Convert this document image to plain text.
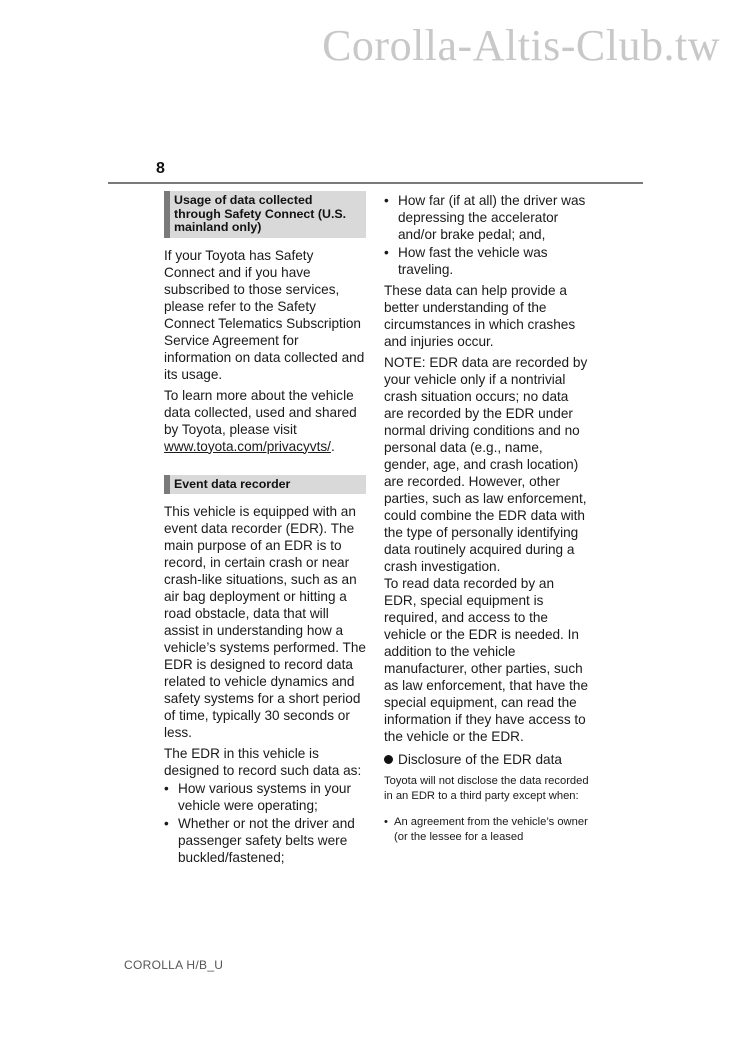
Corolla-Altis-Club.tw
8
Usage of data collected through Safety Connect (U.S. mainland only)

If your Toyota has Safety Connect and if you have subscribed to those services, please refer to the Safety Connect Telematics Subscription Service Agreement for information on data collected and its usage.

To learn more about the vehicle data collected, used and shared by Toyota, please visit www.toyota.com/privacyvts/.

Event data recorder

This vehicle is equipped with an event data recorder (EDR). The main purpose of an EDR is to record, in certain crash or near crash-like situations, such as an air bag deployment or hitting a road obstacle, data that will assist in understanding how a vehicle’s systems performed. The EDR is designed to record data related to vehicle dynamics and safety systems for a short period of time, typically 30 seconds or less.

The EDR in this vehicle is designed to record such data as:

• How various systems in your vehicle were operating;
• Whether or not the driver and passenger safety belts were buckled/fastened;
• How far (if at all) the driver was depressing the accelerator and/or brake pedal; and,
• How fast the vehicle was traveling.

These data can help provide a better understanding of the circumstances in which crashes and injuries occur.

NOTE: EDR data are recorded by your vehicle only if a nontrivial crash situation occurs; no data are recorded by the EDR under normal driving conditions and no personal data (e.g., name, gender, age, and crash location) are recorded. However, other parties, such as law enforcement, could combine the EDR data with the type of personally identifying data routinely acquired during a crash investigation.

To read data recorded by an EDR, special equipment is required, and access to the vehicle or the EDR is needed. In addition to the vehicle manufacturer, other parties, such as law enforcement, that have the special equipment, can read the information if they have access to the vehicle or the EDR.

Disclosure of the EDR data

Toyota will not disclose the data recorded in an EDR to a third party except when:

• An agreement from the vehicle’s owner (or the lessee for a leased
COROLLA H/B_U
